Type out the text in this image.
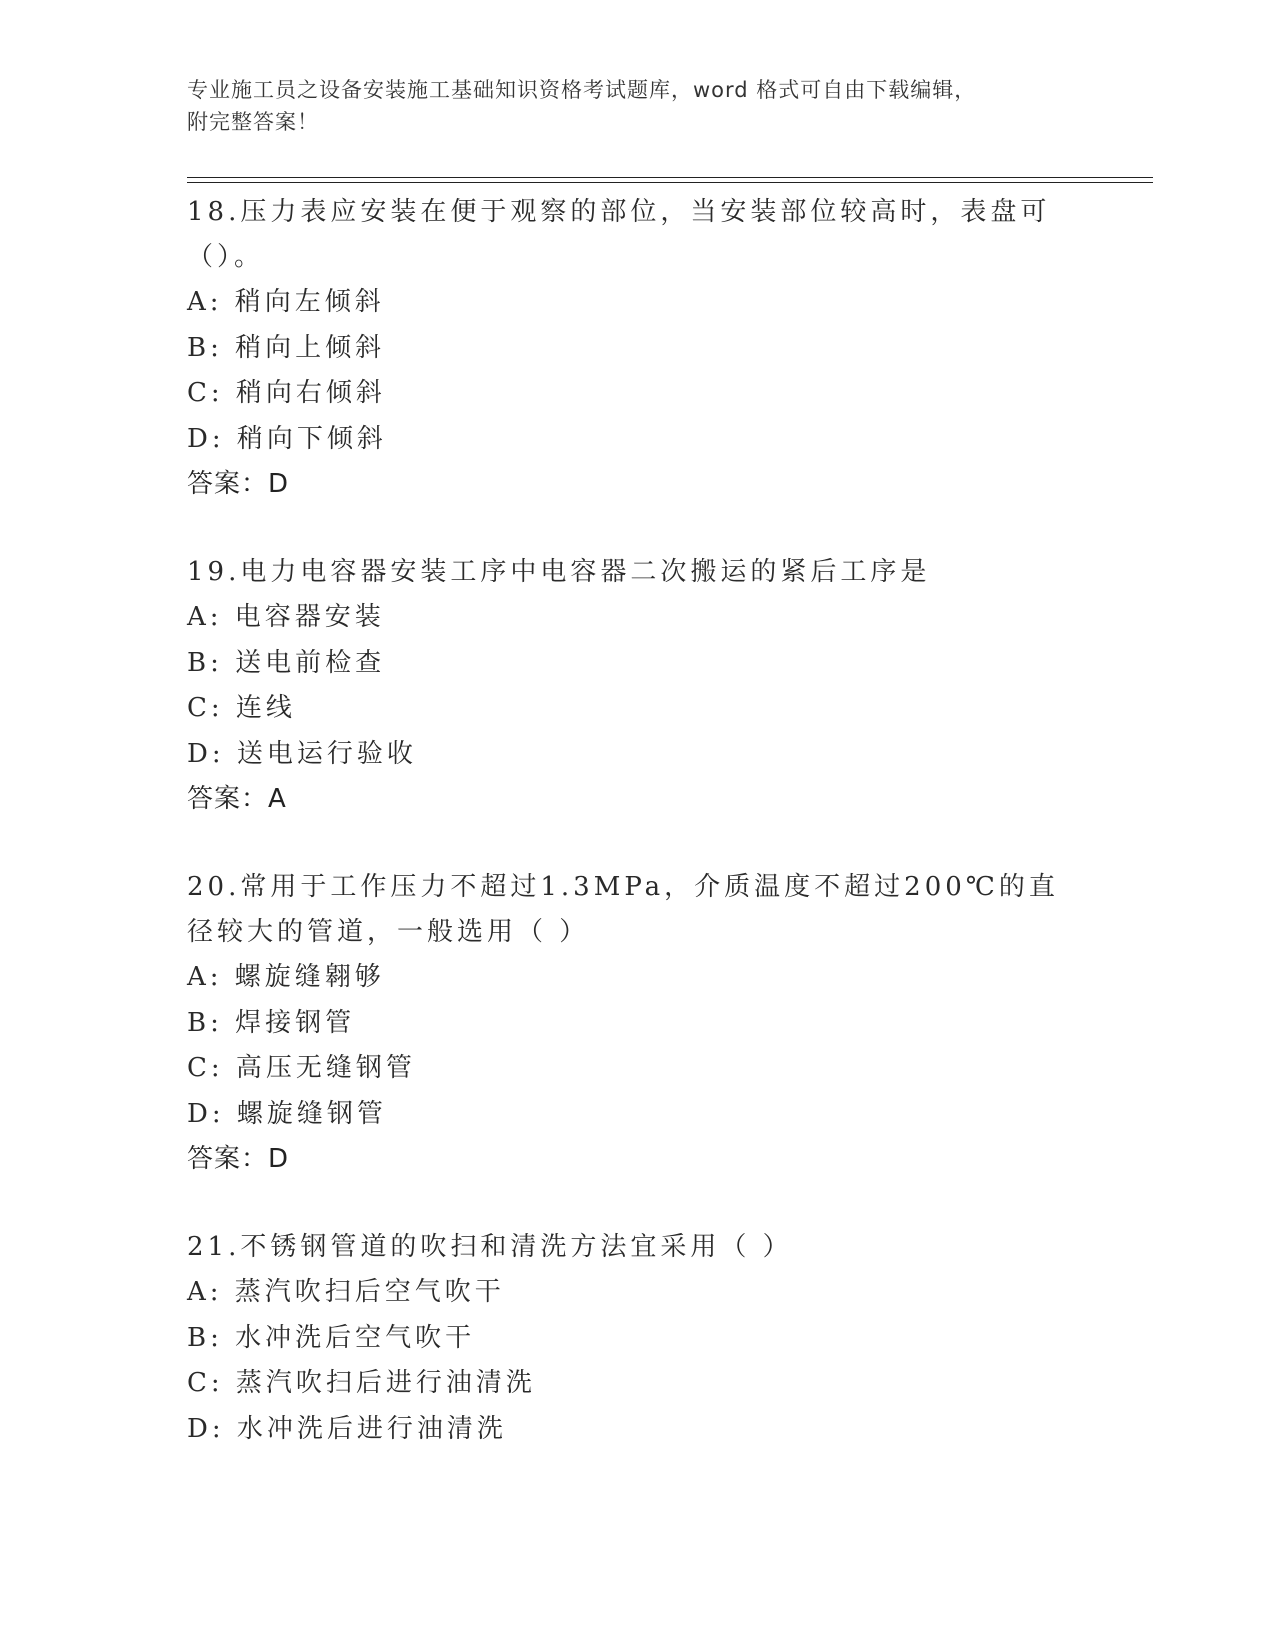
专业施工员之设备安装施工基础知识资格考试题库，word 格式可自由下载编辑，
附完整答案！

18.压力表应安装在便于观察的部位，当安装部位较高时，表盘可（）。

A: 稍向左倾斜

B: 稍向上倾斜

C: 稍向右倾斜

D: 稍向下倾斜

答案：D

19.电力电容器安装工序中电容器二次搬运的紧后工序是

A: 电容器安装

B: 送电前检查

C: 连线

D: 送电运行验收

答案：A

20.常用于工作压力不超过1.3MPa，介质温度不超过200℃的直径较大的管道，一般选用（ ）

A: 螺旋缝翱够

B: 焊接钢管

C: 高压无缝钢管

D: 螺旋缝钢管

答案：D

21.不锈钢管道的吹扫和清洗方法宜采用（ ）

A: 蒸汽吹扫后空气吹干

B: 水冲洗后空气吹干

C: 蒸汽吹扫后进行油清洗

D: 水冲洗后进行油清洗
